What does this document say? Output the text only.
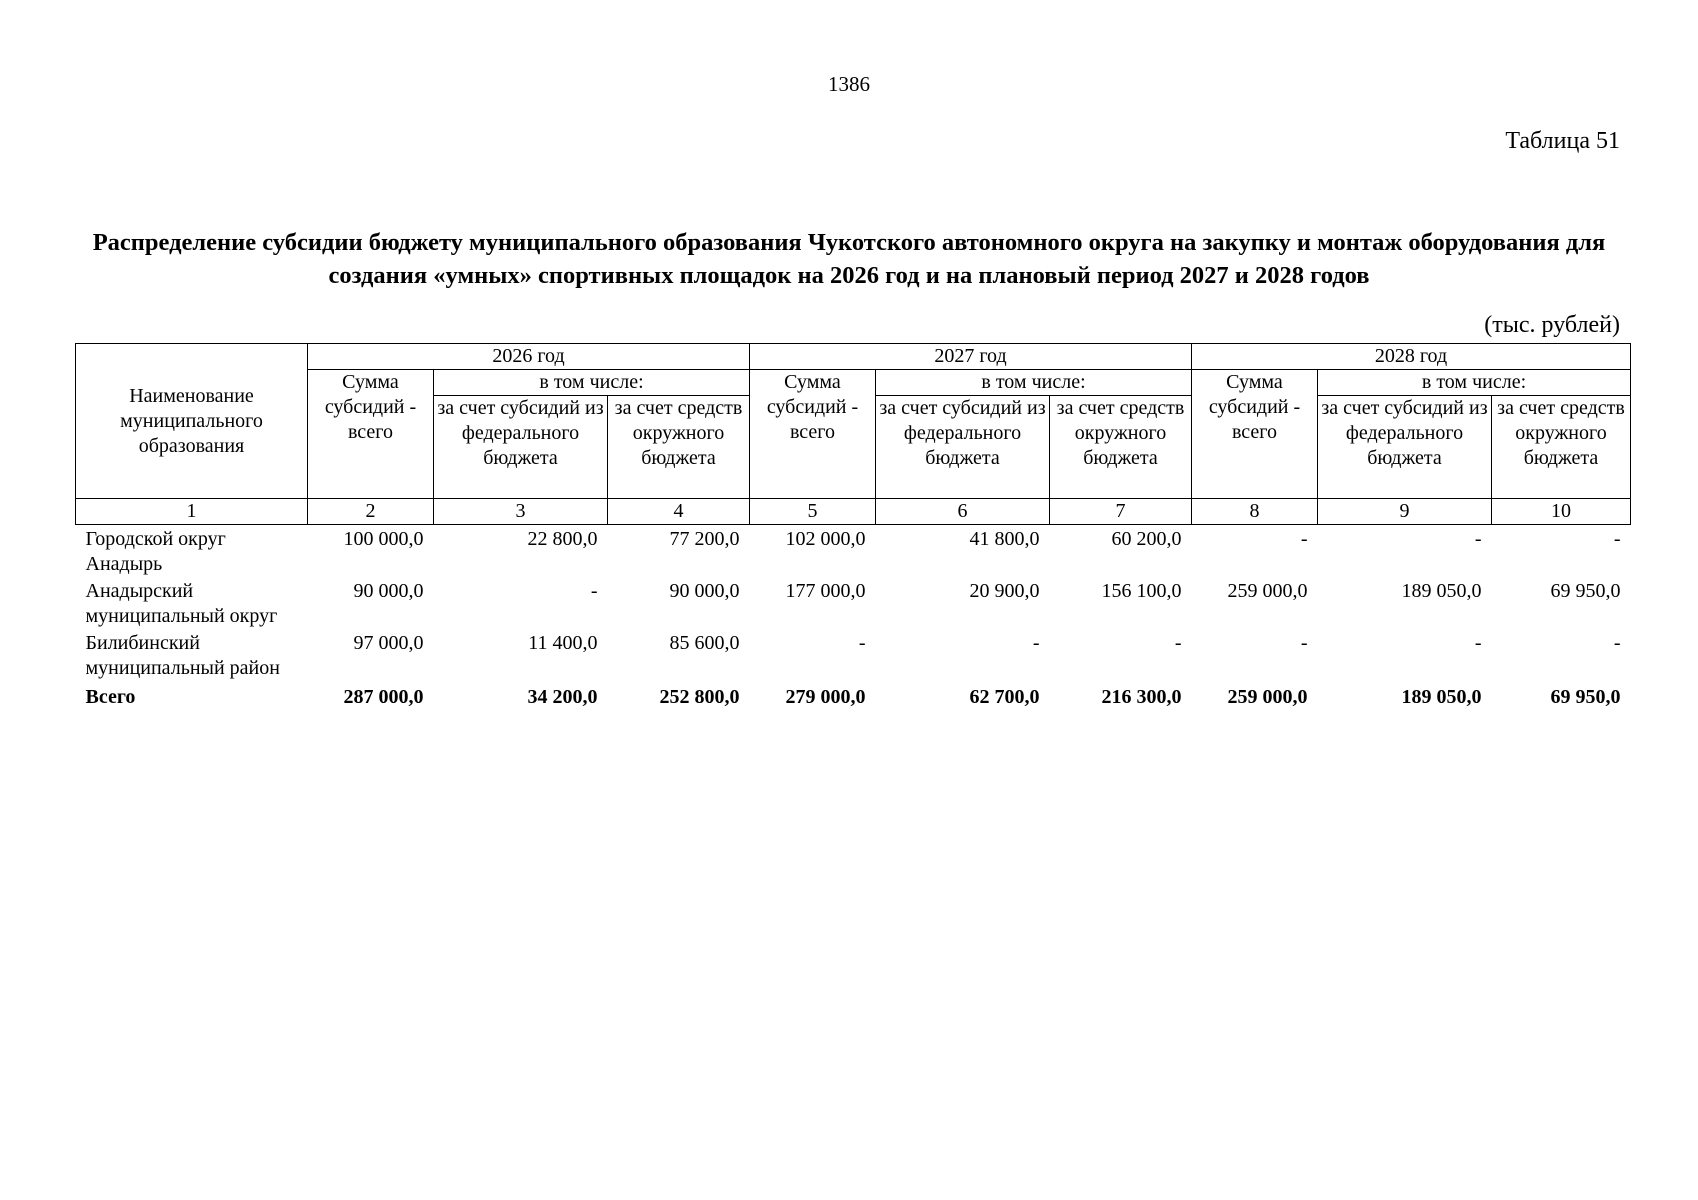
1386
Таблица 51
Распределение субсидии бюджету муниципального образования Чукотского автономного округа на закупку и монтаж оборудования для создания «умных» спортивных площадок на 2026 год и на плановый период 2027 и 2028 годов
(тыс. рублей)
Наименование муниципального образования	2026 год			2027 год			2028 год		
	Сумма субсидий - всего	в том числе:		Сумма субсидий - всего	в том числе:		Сумма субсидий - всего	в том числе:	
		за счет субсидий из федерального бюджета	за счет средств окружного бюджета		за счет субсидий из федерального бюджета	за счет средств окружного бюджета		за счет субсидий из федерального бюджета	за счет средств окружного бюджета
1	2	3	4	5	6	7	8	9	10
Городской округ Анадырь	100 000,0	22 800,0	77 200,0	102 000,0	41 800,0	60 200,0	-	-	-
Анадырский муниципальный округ	90 000,0	-	90 000,0	177 000,0	20 900,0	156 100,0	259 000,0	189 050,0	69 950,0
Билибинский муниципальный район	97 000,0	11 400,0	85 600,0	-	-	-	-	-	-
Всего	287 000,0	34 200,0	252 800,0	279 000,0	62 700,0	216 300,0	259 000,0	189 050,0	69 950,0
